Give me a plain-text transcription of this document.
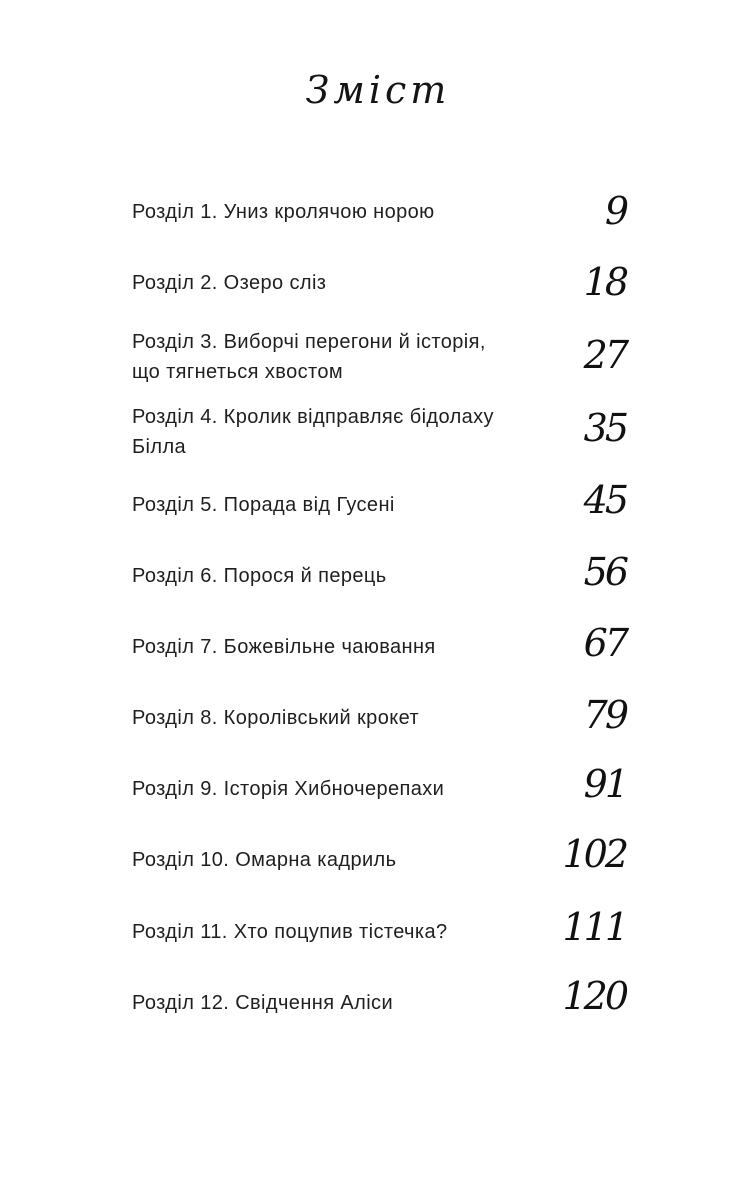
Зміст
Розділ 1. Униз кролячою норою	9
Розділ 2. Озеро сліз	18
Розділ 3. Виборчі перегони й історія,
що тягнеться хвостом	27
Розділ 4. Кролик відправляє бідолаху
Білла	35
Розділ 5. Порада від Гусені	45
Розділ 6. Порося й перець	56
Розділ 7. Божевільне чаювання	67
Розділ 8. Королівський крокет	79
Розділ 9. Історія Хибночерепахи	91
Розділ 10. Омарна кадриль	102
Розділ 11. Хто поцупив тістечка?	111
Розділ 12. Свідчення Аліси	120
